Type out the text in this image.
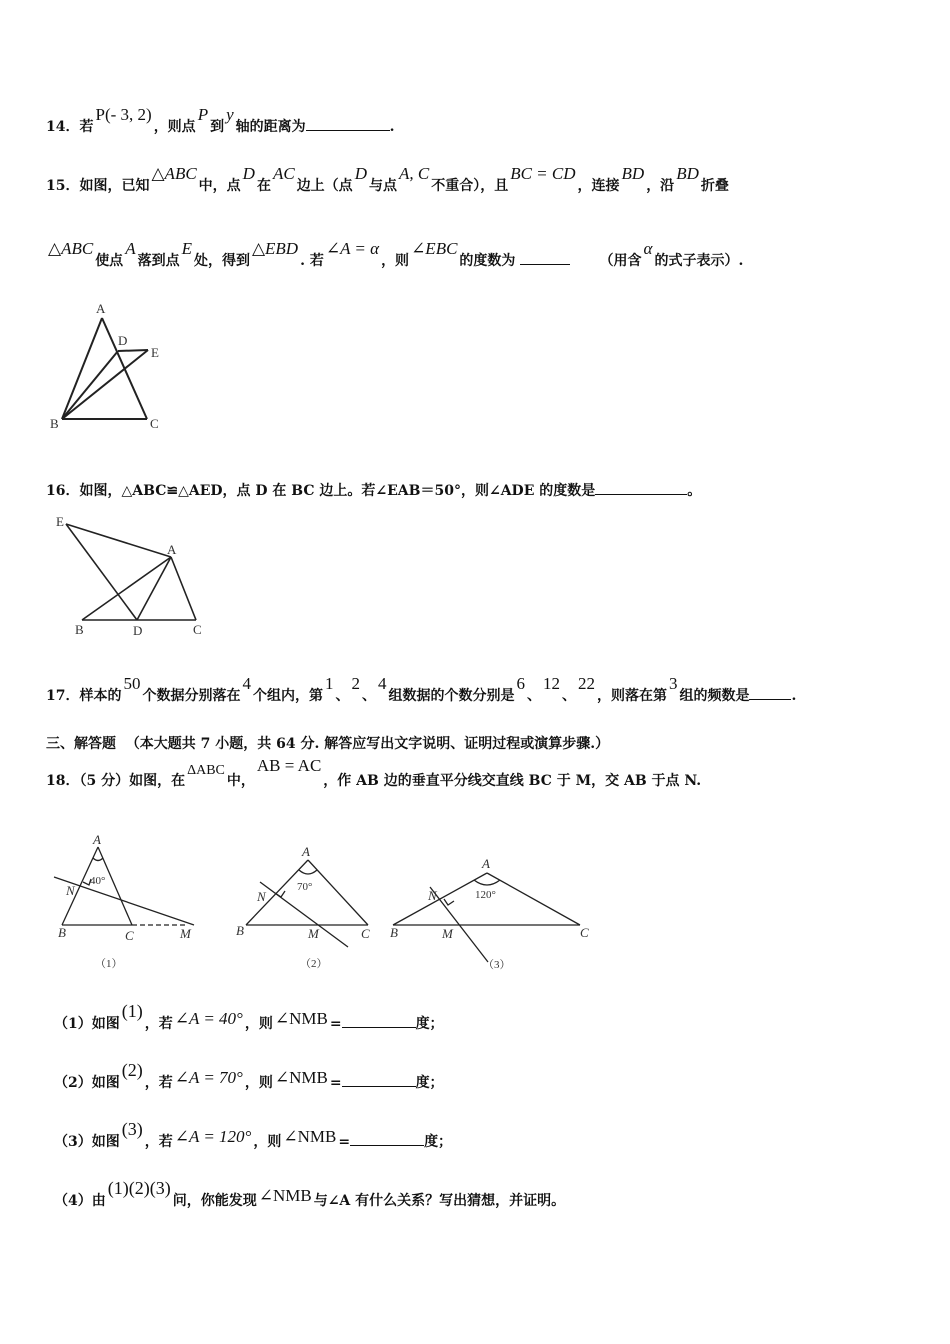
14．若P(- 3, 2)，则点P到y轴的距离为	.
15．如图，已知△ABC中，点D在AC边上（点D与点A, C不重合），且BC = CD，连接BD，沿BD折叠
△ABC使点A落到点E处，得到△EBD. 若∠A = α，则∠EBC的度数为	（用含α的式子表示）.
A
D
E
B	C
16．如图，△ABC≌△AED，点 D 在 BC 边上。若∠EAB＝50°，则∠ADE 的度数是	。
E
A
B	D	C
17．样本的50个数据分别落在4个组内，第1、2、4组数据的个数分别是6、12、22，则落在第3组的频数是	.
三、解答题 （本大题共 7 小题，共 64 分. 解答应写出文字说明、证明过程或演算步骤.）
18．（5 分）如图，在ΔABC中，AB = AC，作 AB 边的垂直平分线交直线 BC 于 M，交 AB 于点 N.
A
40°
N
B	C	M
（1）
A
70°
N
B	M	C
（2）
A
120°
N
B	M	C
（3）
（1）如图(1)，若 ∠A = 40° ，则 ∠NMB =	度；
（2）如图(2)，若 ∠A = 70° ，则 ∠NMB =	度；
（3）如图(3)，若 ∠A = 120° ，则 ∠NMB =	度；
（4）由(1)(2)(3)问，你能发现 ∠NMB 与∠A 有什么关系？写出猜想，并证明。
